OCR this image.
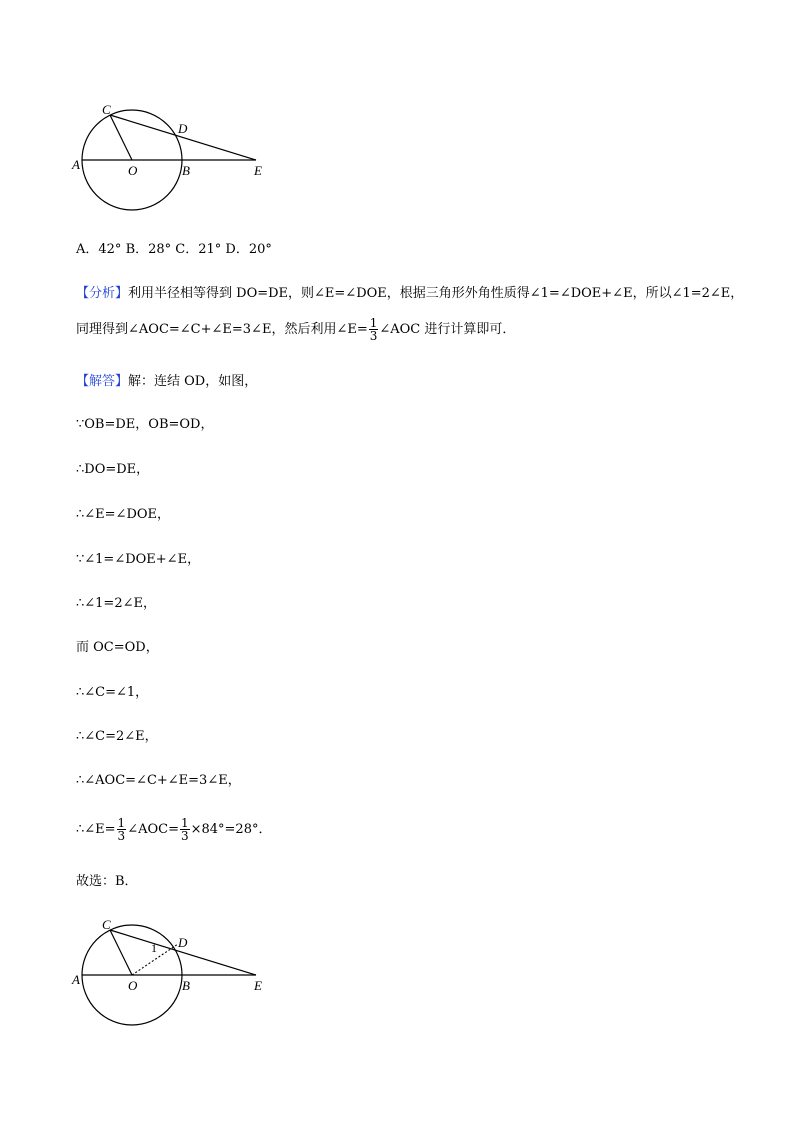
C
D
A	O	B	E
A．42° B．28° C．21° D．20°
【分析】利用半径相等得到 DO=DE，则∠E=∠DOE，根据三角形外角性质得∠1=∠DOE+∠E，所以∠1=2∠E，
同理得到∠AOC=∠C+∠E=3∠E，然后利用∠E= $\frac{1}{3}$ ∠AOC 进行计算即可．
【解答】解：连结 OD，如图，
∵OB=DE，OB=OD，
∴DO=DE，
∴∠E=∠DOE，
∵∠1=∠DOE+∠E，
∴∠1=2∠E，
而 OC=OD，
∴∠C=∠1，
∴∠C=2∠E，
∴∠AOC=∠C+∠E=3∠E，
∴∠E= $\frac{1}{3}$ ∠AOC= $\frac{1}{3} \times 84^\circ=28^\circ$．
故选：B．
C
D
1
A	O	B	E
